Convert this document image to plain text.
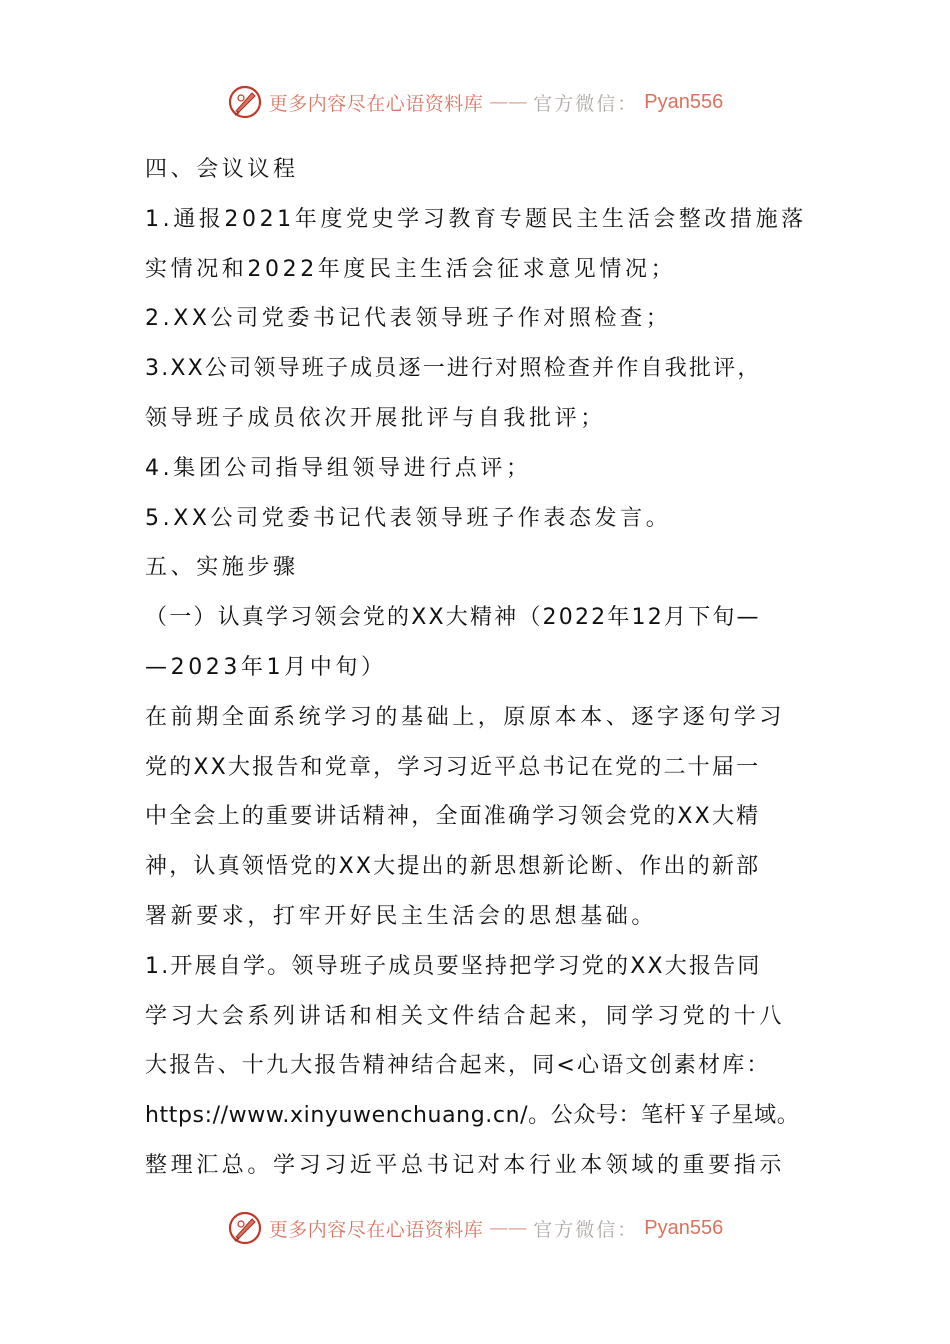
更多内容尽在心语资料库 —— 官方微信： Pyan556
四、会议议程
1.通报2021年度党史学习教育专题民主生活会整改措施落
实情况和2022年度民主生活会征求意见情况；
2.XX公司党委书记代表领导班子作对照检查；
3.XX公司领导班子成员逐一进行对照检查并作自我批评，
领导班子成员依次开展批评与自我批评；
4.集团公司指导组领导进行点评；
5.XX公司党委书记代表领导班子作表态发言。
五、实施步骤
（一）认真学习领会党的XX大精神（2022年12月下旬—
—2023年1月中旬）
在前期全面系统学习的基础上，原原本本、逐字逐句学习
党的XX大报告和党章，学习习近平总书记在党的二十届一
中全会上的重要讲话精神，全面准确学习领会党的XX大精
神，认真领悟党的XX大提出的新思想新论断、作出的新部
署新要求，打牢开好民主生活会的思想基础。
1.开展自学。领导班子成员要坚持把学习党的XX大报告同
学习大会系列讲话和相关文件结合起来，同学习党的十八
大报告、十九大报告精神结合起来，同<心语文创素材库：
https://www.xinyuwenchuang.cn/。公众号：笔杆￥子星域。
整理汇总。学习习近平总书记对本行业本领域的重要指示
更多内容尽在心语资料库 —— 官方微信： Pyan556
